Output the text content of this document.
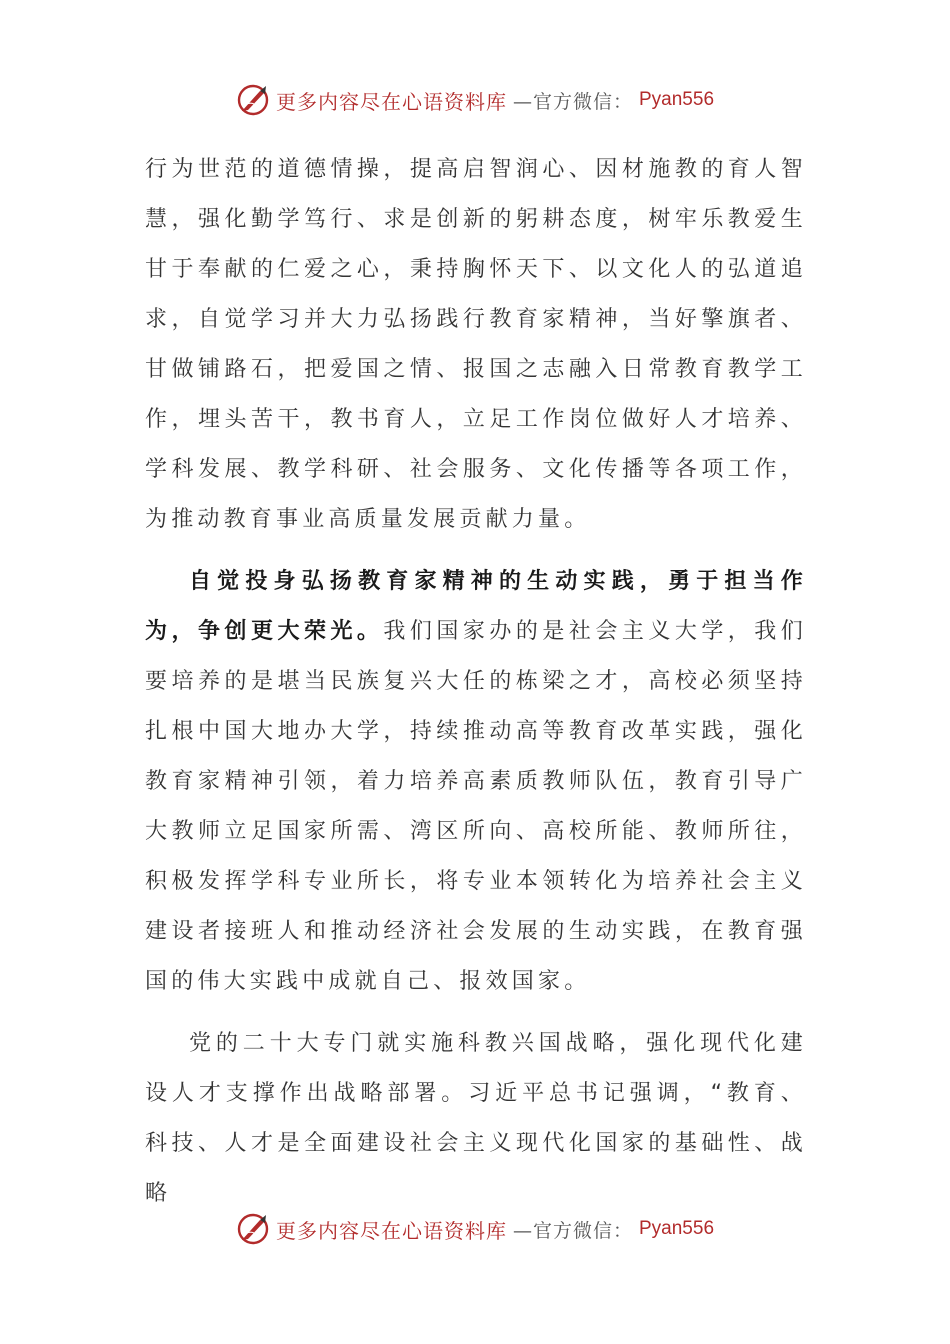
更多内容尽在心语资料库 —官方微信： Pyan556

行为世范的道德情操，提高启智润心、因材施教的育人智慧，强化勤学笃行、求是创新的躬耕态度，树牢乐教爱生甘于奉献的仁爱之心，秉持胸怀天下、以文化人的弘道追求，自觉学习并大力弘扬践行教育家精神，当好擎旗者、甘做铺路石，把爱国之情、报国之志融入日常教育教学工作，埋头苦干，教书育人，立足工作岗位做好人才培养、学科发展、教学科研、社会服务、文化传播等各项工作，为推动教育事业高质量发展贡献力量。

自觉投身弘扬教育家精神的生动实践，勇于担当作为，争创更大荣光。我们国家办的是社会主义大学，我们要培养的是堪当民族复兴大任的栋梁之才，高校必须坚持扎根中国大地办大学，持续推动高等教育改革实践，强化教育家精神引领，着力培养高素质教师队伍，教育引导广大教师立足国家所需、湾区所向、高校所能、教师所往，积极发挥学科专业所长，将专业本领转化为培养社会主义建设者接班人和推动经济社会发展的生动实践，在教育强国的伟大实践中成就自己、报效国家。

党的二十大专门就实施科教兴国战略，强化现代化建设人才支撑作出战略部署。习近平总书记强调，“教育、科技、人才是全面建设社会主义现代化国家的基础性、战略

更多内容尽在心语资料库 —官方微信： Pyan556
